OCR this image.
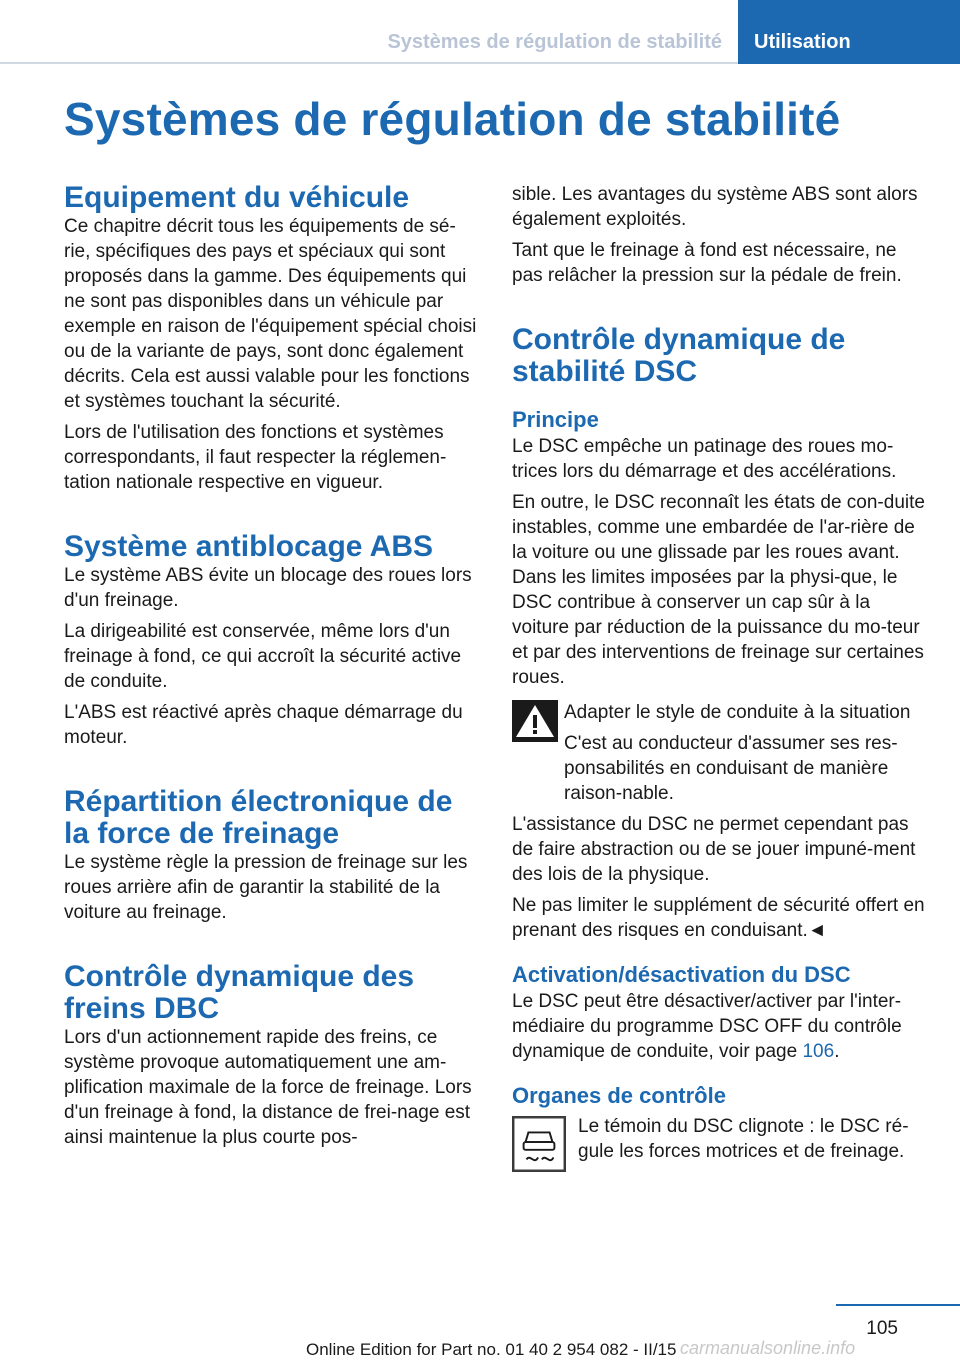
Systèmes de régulation de stabilité	Utilisation
Systèmes de régulation de stabilité
Equipement du véhicule

Ce chapitre décrit tous les équipements de sé-rie, spécifiques des pays et spéciaux qui sont proposés dans la gamme. Des équipements qui ne sont pas disponibles dans un véhicule par exemple en raison de l'équipement spécial choisi ou de la variante de pays, sont donc également décrits. Cela est aussi valable pour les fonctions et systèmes touchant la sécurité.

Lors de l'utilisation des fonctions et systèmes correspondants, il faut respecter la réglemen-tation nationale respective en vigueur.

Système antiblocage ABS

Le système ABS évite un blocage des roues lors d'un freinage.

La dirigeabilité est conservée, même lors d'un freinage à fond, ce qui accroît la sécurité active de conduite.

L'ABS est réactivé après chaque démarrage du moteur.

Répartition électronique de la force de freinage

Le système règle la pression de freinage sur les roues arrière afin de garantir la stabilité de la voiture au freinage.

Contrôle dynamique des freins DBC

Lors d'un actionnement rapide des freins, ce système provoque automatiquement une am-plification maximale de la force de freinage. Lors d'un freinage à fond, la distance de frei-nage est ainsi maintenue la plus courte pos-

sible. Les avantages du système ABS sont alors également exploités.

Tant que le freinage à fond est nécessaire, ne pas relâcher la pression sur la pédale de frein.

Contrôle dynamique de stabilité DSC
Principe

Le DSC empêche un patinage des roues mo-trices lors du démarrage et des accélérations.

En outre, le DSC reconnaît les états de con-duite instables, comme une embardée de l'ar-rière de la voiture ou une glissade par les roues avant. Dans les limites imposées par la physi-que, le DSC contribue à conserver un cap sûr à la voiture par réduction de la puissance du mo-teur et par des interventions de freinage sur certaines roues.

Adapter le style de conduite à la situation

C'est au conducteur d'assumer ses res-ponsabilités en conduisant de manière raison-nable.

L'assistance du DSC ne permet cependant pas de faire abstraction ou de se jouer impuné-ment des lois de la physique.

Ne pas limiter le supplément de sécurité offert en prenant des risques en conduisant.◄

Activation/désactivation du DSC

Le DSC peut être désactiver/activer par l'inter-médiaire du programme DSC OFF du contrôle dynamique de conduite, voir page 106.

Organes de contrôle

Le témoin du DSC clignote : le DSC ré-gule les forces motrices et de freinage.

105
Online Edition for Part no. 01 40 2 954 082 - II/15 carmanualsonline.info
